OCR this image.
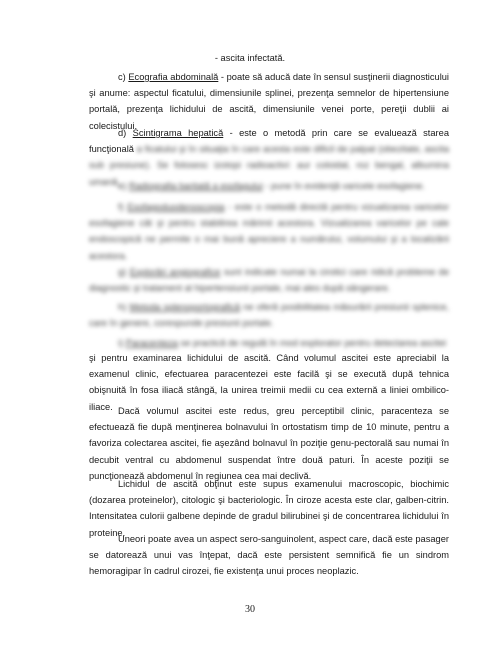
- ascita infectată.

c) Ecografia abdominală - poate să aducă date în sensul susţinerii diagnosticului şi anume: aspectul ficatului, dimensiunile splinei, prezenţa semnelor de hipertensiune portală, prezenţa lichidului de ascită, dimensiunile venei porte, pereţii dublii ai colecistului.

d) Scintigrama hepatică - este o metodă prin care se evaluează starea funcţională a ficatului şi în situaţia în care acesta este dificil de palpat (obezitate, ascita sub presiune). Se folosesc izotopi radioactivi: aur coloidal, roz bengal, albumina umană.

e) Radiografia baritată a esofagului - pune în evidenţă varicele esofagiene.

f) Esofagoduodenoscopia - este o metodă directă pentru vizualizarea varicelor esofagiene cât şi pentru stabilirea mărimii acestora. Vizualizarea varicelor pe cale endoscopică ne permite o mai bună apreciere a numărului, volumului şi a localizării acestora.

g) Explorări angiografice sunt indicate numai la cirotici care ridică probleme de diagnostic şi tratament al hipertensiunii portale, mai ales după sângerare.

h) Metoda splenoportografică ne oferă posibilitatea măsurării presiunii splenice, care în genere, corespunde presiunii portale.

i) Paracenteza se practică de regulă în mod explorator pentru detectarea ascitei

şi pentru examinarea lichidului de ascită. Când volumul ascitei este apreciabil la examenul clinic, efectuarea paracentezei este facilă şi se execută după tehnica obişnuită în fosa iliacă stângă, la unirea treimii medii cu cea externă a liniei ombilico-iliace. Dacă volumul ascitei este redus, greu perceptibil clinic, paracenteza se efectuează fie după menţinerea bolnavului în ortostatism timp de 10 minute, pentru a favoriza colectarea ascitei, fie aşezând bolnavul în poziţie genu-pectorală sau numai în decubit ventral cu abdomenul suspendat între două paturi. În aceste poziţii se puncţionează abdomenul în regiunea cea mai declivă.

Lichidul de ascită obţinut este supus examenului macroscopic, biochimic (dozarea proteinelor), citologic şi bacteriologic. În ciroze acesta este clar, galben-citrin. Intensitatea culorii galbene depinde de gradul bilirubinei şi de concentrarea lichidului în proteine.

Uneori poate avea un aspect sero-sanguinolent, aspect care, dacă este pasager se datorează unui vas înţepat, dacă este persistent semnifică fie un sindrom hemoragipar în cadrul cirozei, fie existenţa unui proces neoplazic.

30
